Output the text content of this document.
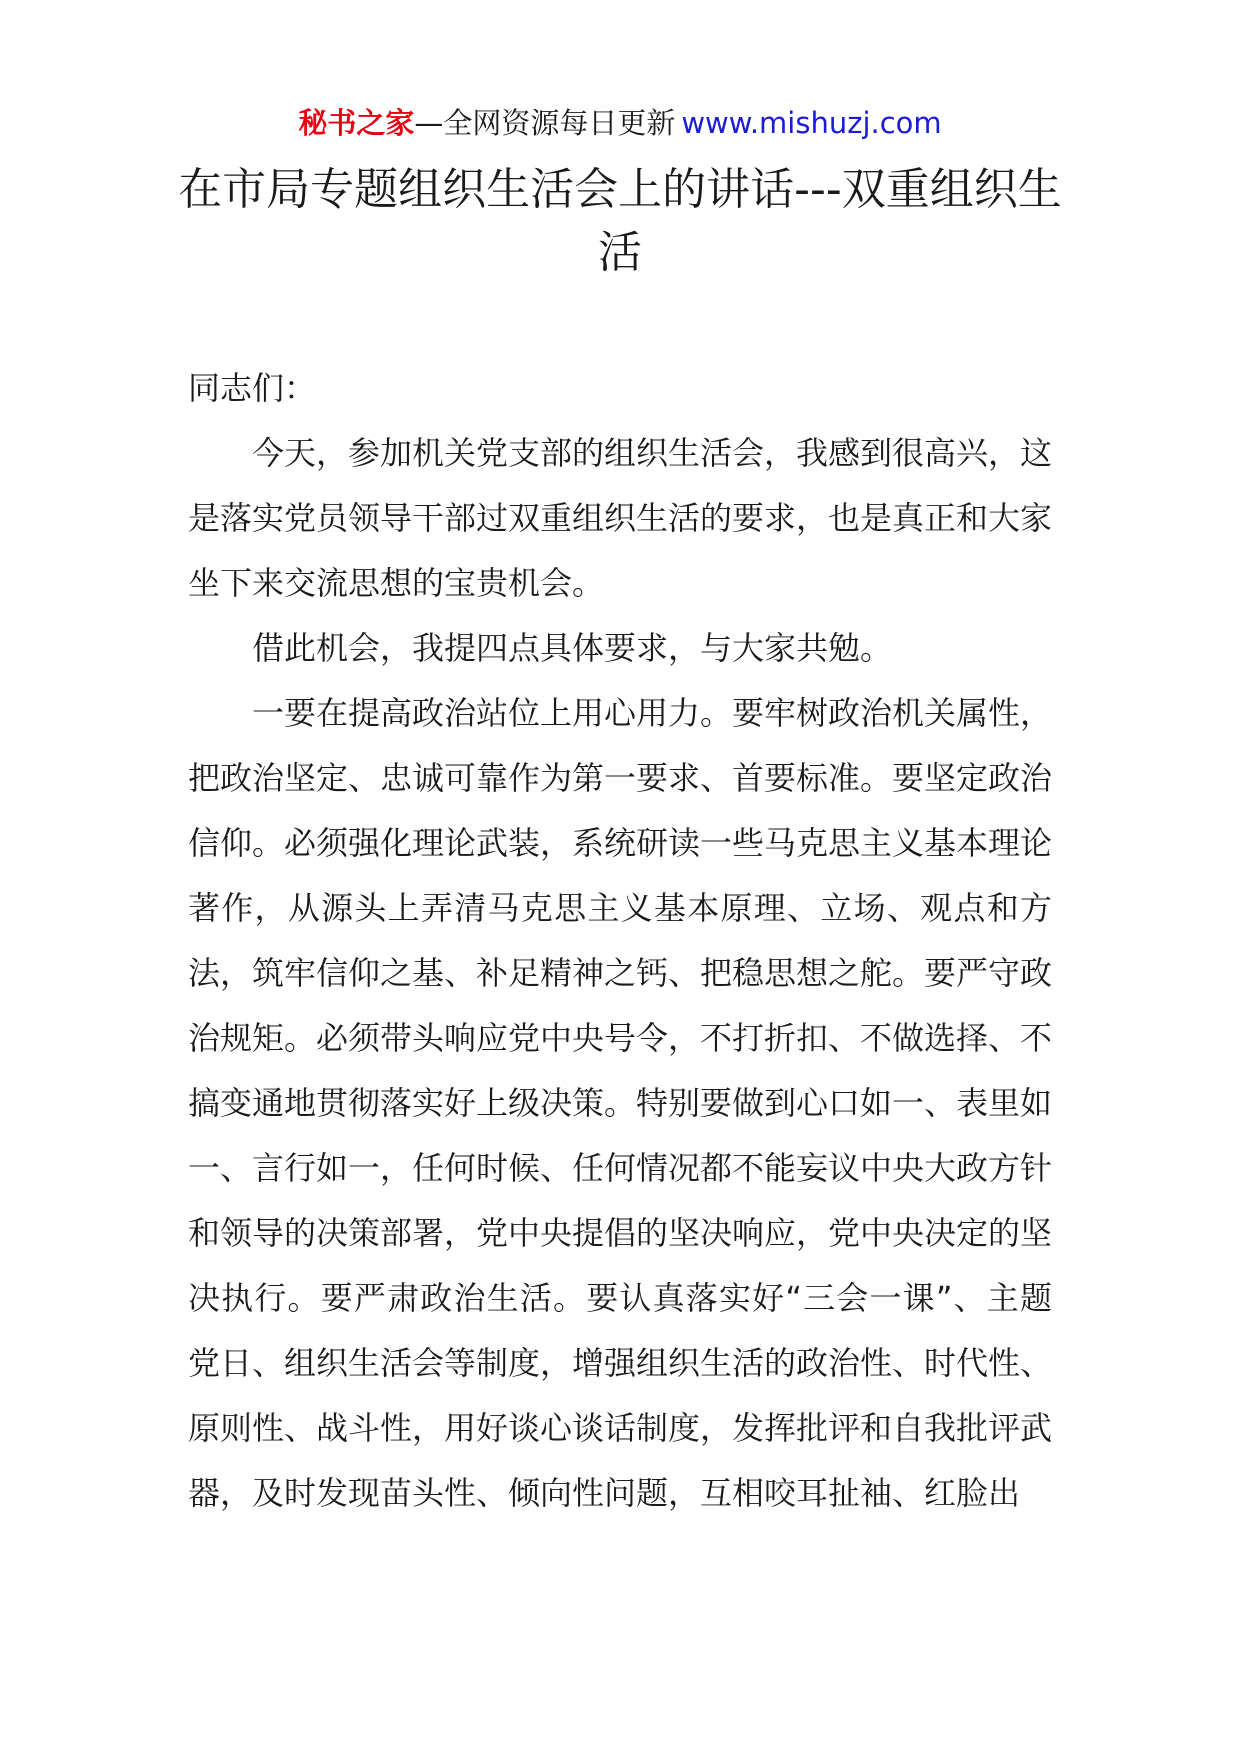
秘书之家—全网资源每日更新 www.mishuzj.com
在市局专题组织生活会上的讲话---双重组织生活

同志们：

今天，参加机关党支部的组织生活会，我感到很高兴，这是落实党员领导干部过双重组织生活的要求，也是真正和大家坐下来交流思想的宝贵机会。

借此机会，我提四点具体要求，与大家共勉。

一要在提高政治站位上用心用力。要牢树政治机关属性，把政治坚定、忠诚可靠作为第一要求、首要标准。要坚定政治信仰。必须强化理论武装，系统研读一些马克思主义基本理论著作，从源头上弄清马克思主义基本原理、立场、观点和方法，筑牢信仰之基、补足精神之钙、把稳思想之舵。要严守政治规矩。必须带头响应党中央号令，不打折扣、不做选择、不搞变通地贯彻落实好上级决策。特别要做到心口如一、表里如一、言行如一，任何时候、任何情况都不能妄议中央大政方针和领导的决策部署，党中央提倡的坚决响应，党中央决定的坚决执行。要严肃政治生活。要认真落实好“三会一课”、主题党日、组织生活会等制度，增强组织生活的政治性、时代性、原则性、战斗性，用好谈心谈话制度，发挥批评和自我批评武器，及时发现苗头性、倾向性问题，互相咬耳扯袖、红脸出
